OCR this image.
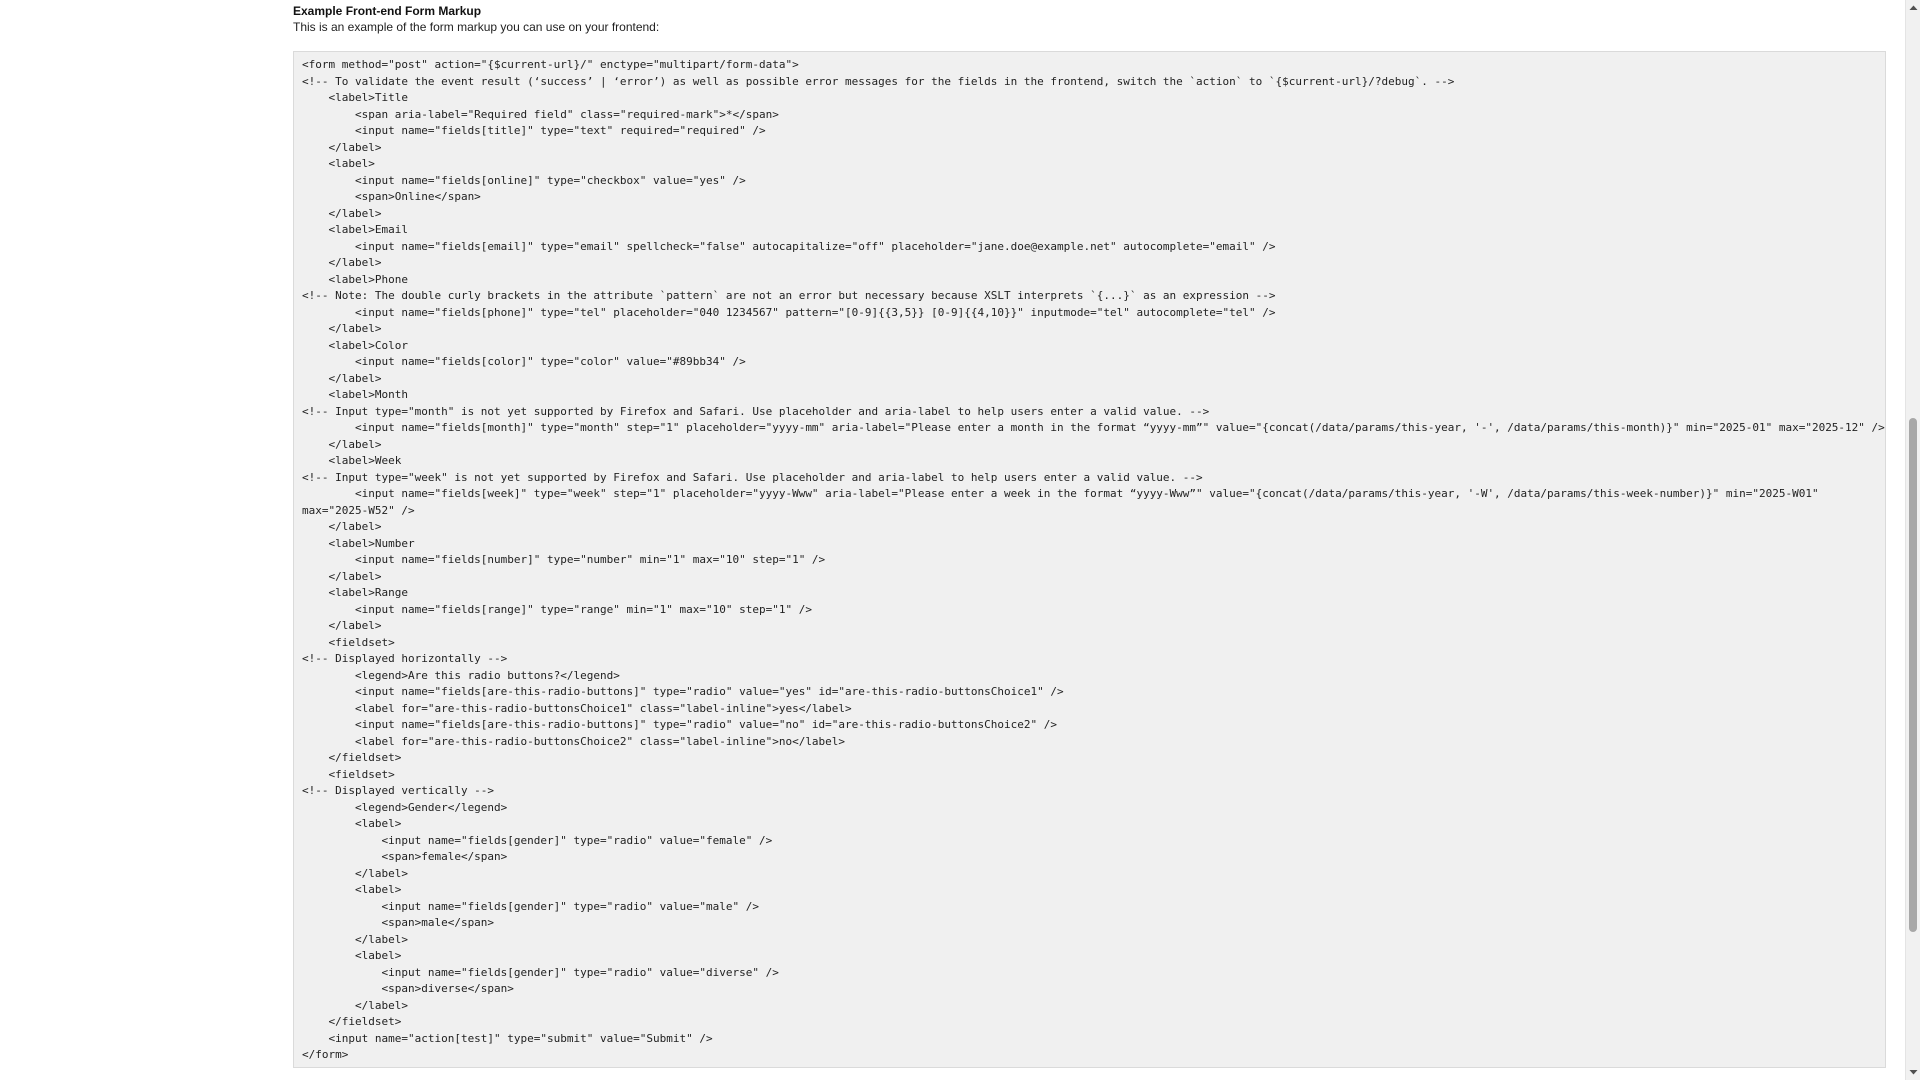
Example Front-end Form Markup
This is an example of the form markup you can use on your frontend:
<form method="post" action="{$current-url}/" enctype="multipart/form-data">
<!-- To validate the event result (‘success’ | ‘error’) as well as possible error messages for the fields in the frontend, switch the `action` to `{$current-url}/?debug`. -->
<label>Title
<span aria-label="Required field" class="required-mark">*</span>
<input name="fields[title]" type="text" required="required" />
</label>
<label>
<input name="fields[online]" type="checkbox" value="yes" />
<span>Online</span>
</label>
<label>Email
<input name="fields[email]" type="email" spellcheck="false" autocapitalize="off" placeholder="jane.doe@example.net" autocomplete="email" />
</label>
<label>Phone
<!-- Note: The double curly brackets in the attribute `pattern` are not an error but necessary because XSLT interprets `{...}` as an expression -->
<input name="fields[phone]" type="tel" placeholder="040 1234567" pattern="[0-9]{{3,5}} [0-9]{{4,10}}" inputmode="tel" autocomplete="tel" />
</label>
<label>Color
<input name="fields[color]" type="color" value="#89bb34" />
</label>
<label>Month
<!-- Input type="month" is not yet supported by Firefox and Safari. Use placeholder and aria-label to help users enter a valid value. -->
<input name="fields[month]" type="month" step="1" placeholder="yyyy-mm" aria-label="Please enter a month in the format “yyyy-mm”" value="{concat(/data/params/this-year, '-', /data/params/this-month)}" min="2025-01" max="2025-12" />
</label>
<label>Week
<!-- Input type="week" is not yet supported by Firefox and Safari. Use placeholder and aria-label to help users enter a valid value. -->
<input name="fields[week]" type="week" step="1" placeholder="yyyy-Www" aria-label="Please enter a week in the format “yyyy-Www”" value="{concat(/data/params/this-year, '-W', /data/params/this-week-number)}" min="2025-W01"
max="2025-W52" />
</label>
<label>Number
<input name="fields[number]" type="number" min="1" max="10" step="1" />
</label>
<label>Range
<input name="fields[range]" type="range" min="1" max="10" step="1" />
</label>
<fieldset>
<!-- Displayed horizontally -->
<legend>Are this radio buttons?</legend>
<input name="fields[are-this-radio-buttons]" type="radio" value="yes" id="are-this-radio-buttonsChoice1" />
<label for="are-this-radio-buttonsChoice1" class="label-inline">yes</label>
<input name="fields[are-this-radio-buttons]" type="radio" value="no" id="are-this-radio-buttonsChoice2" />
<label for="are-this-radio-buttonsChoice2" class="label-inline">no</label>
</fieldset>
<fieldset>
<!-- Displayed vertically -->
<legend>Gender</legend>
<label>
<input name="fields[gender]" type="radio" value="female" />
<span>female</span>
</label>
<label>
<input name="fields[gender]" type="radio" value="male" />
<span>male</span>
</label>
<label>
<input name="fields[gender]" type="radio" value="diverse" />
<span>diverse</span>
</label>
</fieldset>
<input name="action[test]" type="submit" value="Submit" />
</form>
